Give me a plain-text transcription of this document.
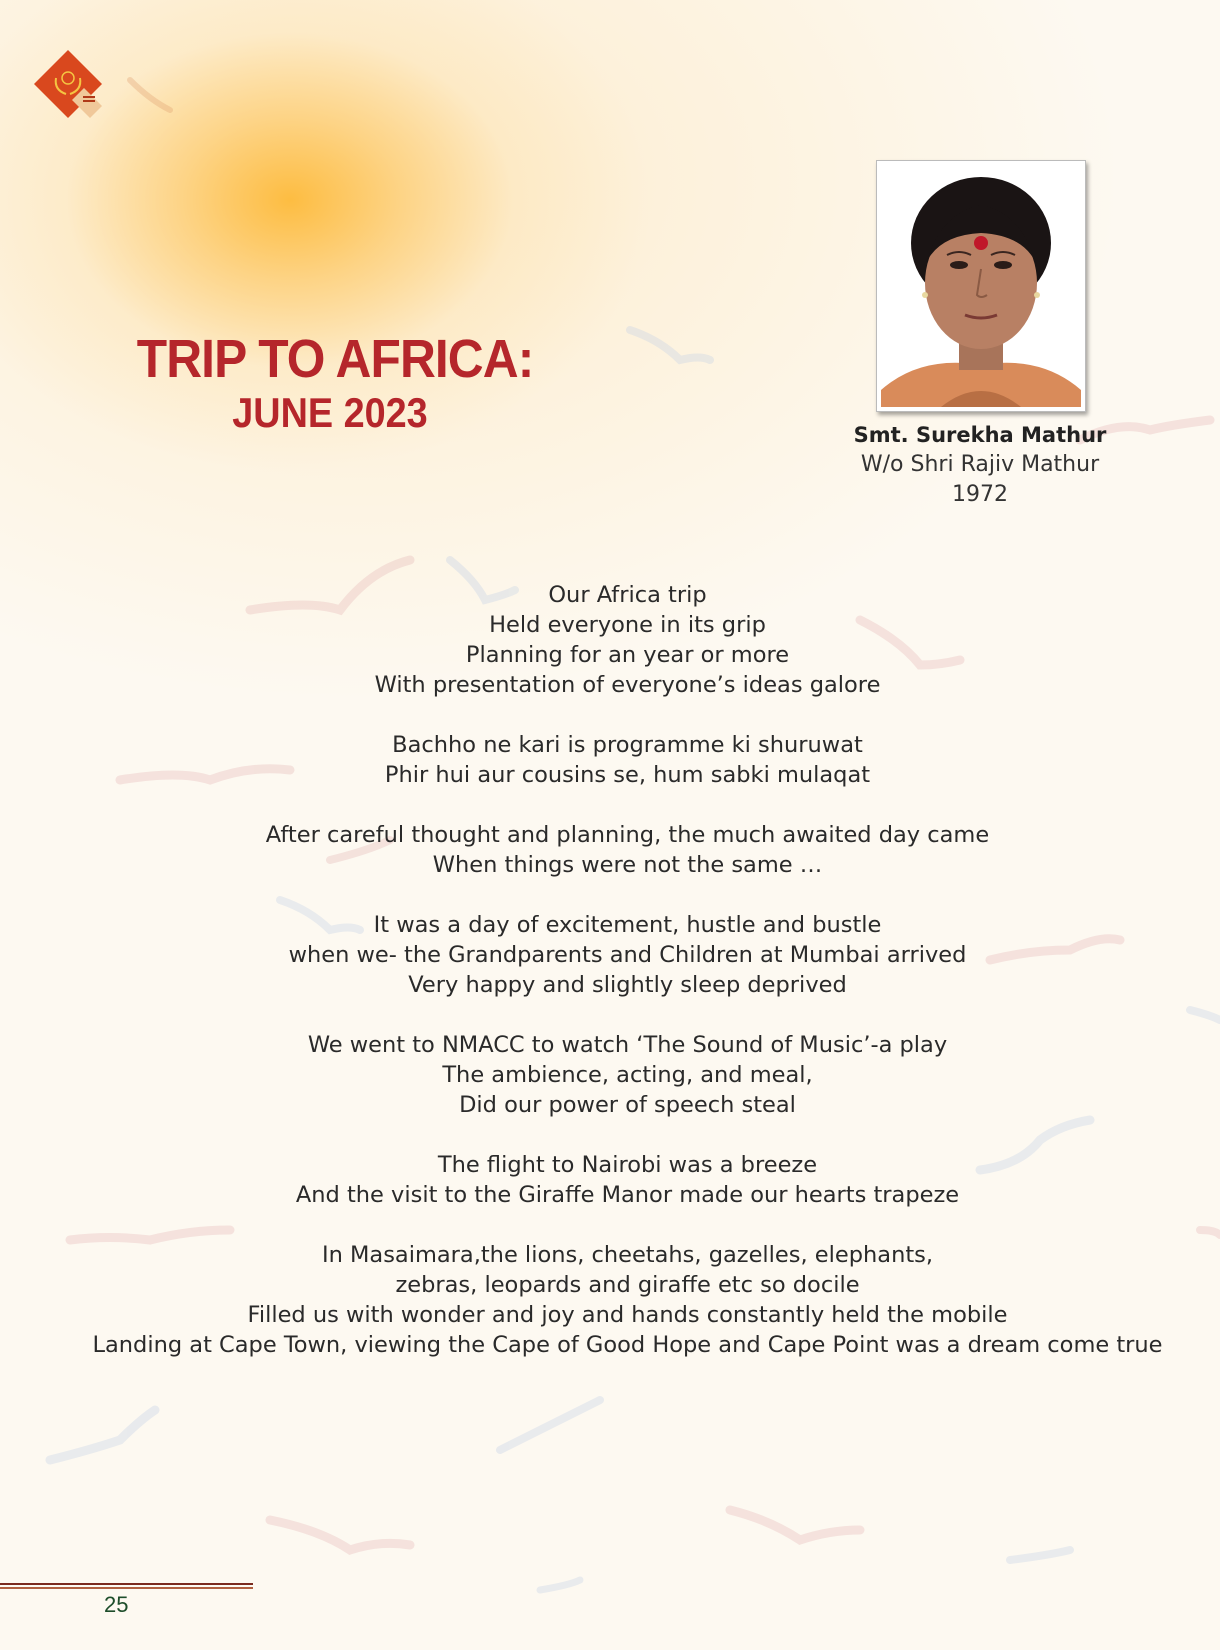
TRIP TO AFRICA:
JUNE 2023	Smt. Surekha Mathur
W/o Shri Rajiv Mathur
1972
Our Africa trip
Held everyone in its grip
Planning for an year or more
With presentation of everyone’s ideas galore
Bachho ne kari is programme ki shuruwat
Phir hui aur cousins se, hum sabki mulaqat
After careful thought and planning, the much awaited day came
When things were not the same …
It was a day of excitement, hustle and bustle
when we- the Grandparents and Children at Mumbai arrived
Very happy and slightly sleep deprived
We went to NMACC to watch ‘The Sound of Music’-a play
The ambience, acting, and meal,
Did our power of speech steal
The flight to Nairobi was a breeze
And the visit to the Giraffe Manor made our hearts trapeze
In Masaimara,the lions, cheetahs, gazelles, elephants, zebras, leopards and giraffe etc so docile
Filled us with wonder and joy and hands constantly held the mobile
Landing at Cape Town, viewing the Cape of Good Hope and Cape Point was a dream come true
25
